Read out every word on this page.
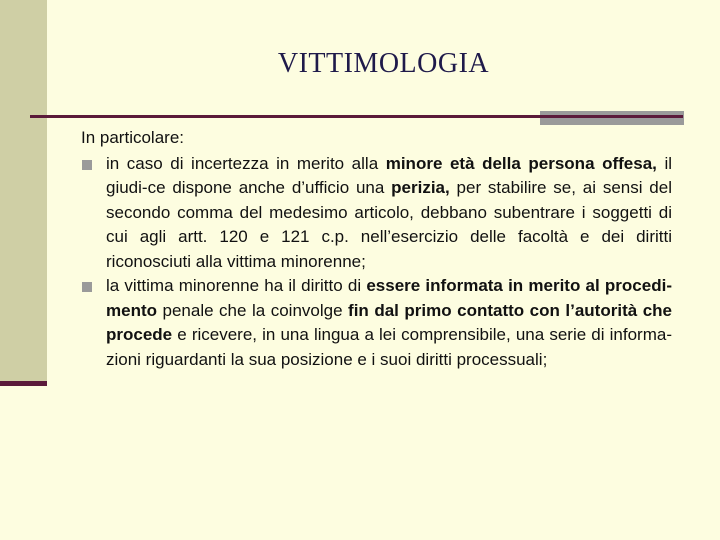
VITTIMOLOGIA

In particolare:

in caso di incertezza in merito alla minore età della persona offesa, il giudi-ce dispone anche d’ufficio una perizia, per stabilire se, ai sensi del secondo comma del medesimo articolo, debbano subentrare i soggetti di cui agli artt. 120 e 121 c.p. nell’esercizio delle facoltà e dei diritti riconosciuti alla vittima minorenne;
la vittima minorenne ha il diritto di essere informata in merito al procedi-mento penale che la coinvolge fin dal primo contatto con l’autorità che procede e ricevere, in una lingua a lei comprensibile, una serie di informa-zioni riguardanti la sua posizione e i suoi diritti processuali;
